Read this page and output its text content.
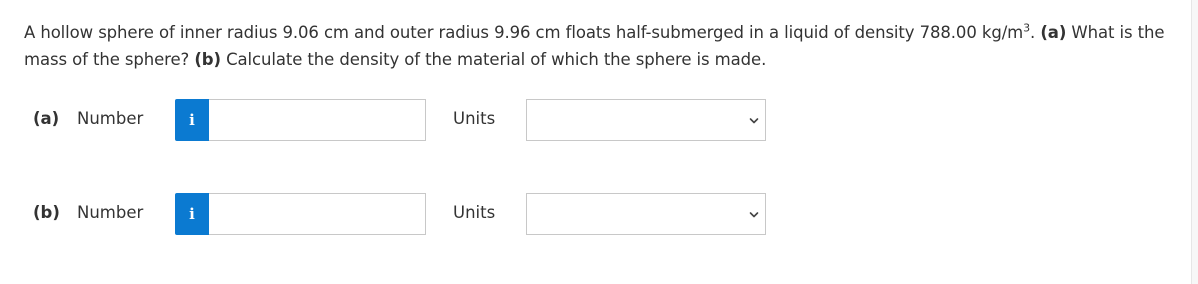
A hollow sphere of inner radius 9.06 cm and outer radius 9.96 cm floats half-submerged in a liquid of density 788.00 $kg/m^3$. (a) What is the mass of the sphere? (b) Calculate the density of the material of which the sphere is made.
(a) Number	i	Units
(b) Number	i	Units
